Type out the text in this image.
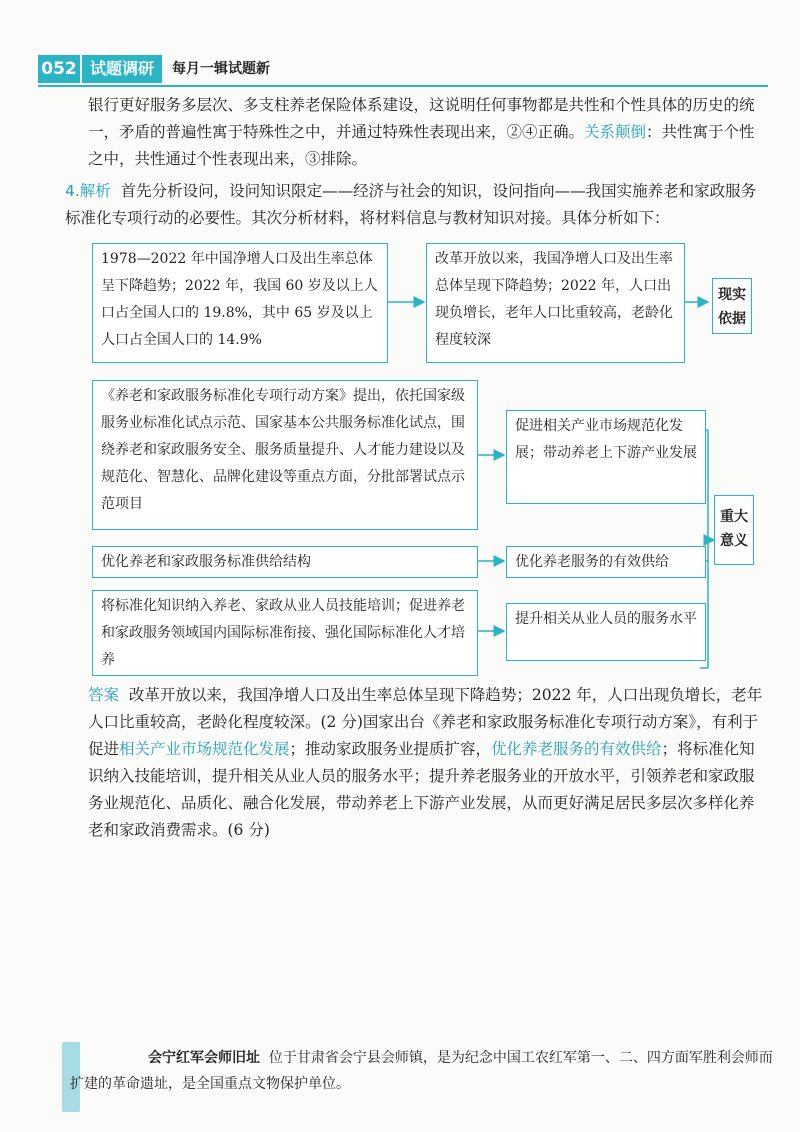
052 试题调研	每月一辑试题新

银行更好服务多层次、多支柱养老保险体系建设，这说明任何事物都是共性和个性具体的历史的统一，矛盾的普遍性寓于特殊性之中，并通过特殊性表现出来，②④正确。关系颠倒：共性寓于个性之中，共性通过个性表现出来，③排除。

4.解析 首先分析设问，设问知识限定——经济与社会的知识，设问指向——我国实施养老和家政服务标准化专项行动的必要性。其次分析材料，将材料信息与教材知识对接。具体分析如下：

1978—2022 年中国净增人口及出生率总体呈下降趋势；2022 年，我国 60 岁及以上人口占全国人口的 19.8%，其中 65 岁及以上人口占全国人口的 14.9%
改革开放以来，我国净增人口及出生率总体呈现下降趋势；2022 年，人口出现负增长，老年人口比重较高，老龄化程度较深
现实依据
《养老和家政服务标准化专项行动方案》提出，依托国家级服务业标准化试点示范、国家基本公共服务标准化试点，围绕养老和家政服务安全、服务质量提升、人才能力建设以及规范化、智慧化、品牌化建设等重点方面，分批部署试点示范项目
促进相关产业市场规范化发展；带动养老上下游产业发展
优化养老和家政服务标准供给结构	优化养老服务的有效供给
将标准化知识纳入养老、家政从业人员技能培训；促进养老和家政服务领域国内国际标准衔接、强化国际标准化人才培养
提升相关从业人员的服务水平
重大意义

答案 改革开放以来，我国净增人口及出生率总体呈现下降趋势；2022 年，人口出现负增长，老年人口比重较高，老龄化程度较深。(2 分)国家出台《养老和家政服务标准化专项行动方案》，有利于促进相关产业市场规范化发展；推动家政服务业提质扩容，优化养老服务的有效供给；将标准化知识纳入技能培训，提升相关从业人员的服务水平；提升养老服务业的开放水平，引领养老和家政服务业规范化、品质化、融合化发展，带动养老上下游产业发展，从而更好满足居民多层次多样化养老和家政消费需求。(6 分)

会宁红军会师旧址 位于甘肃省会宁县会师镇，是为纪念中国工农红军第一、二、四方面军胜利会师而扩建的革命遗址，是全国重点文物保护单位。
